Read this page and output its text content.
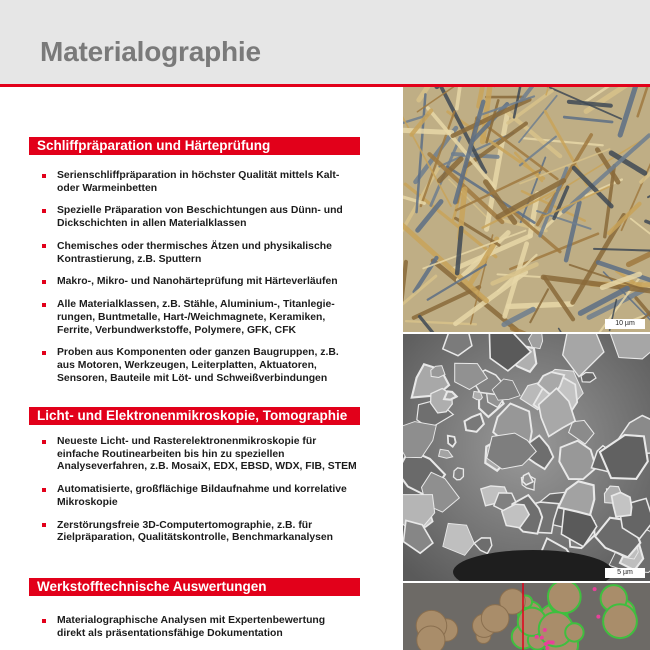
Materialographie
Schliffpräparation und Härteprüfung
Serienschliffpräparation in höchster Qualität mittels Kalt-
oder Warmeinbetten
Spezielle Präparation von Beschichtungen aus Dünn- und
Dickschichten in allen Materialklassen
Chemisches oder thermisches Ätzen und physikalische
Kontrastierung, z.B. Sputtern
Makro-, Mikro- und Nanohärteprüfung mit Härteverläufen
Alle Materialklassen, z.B. Stähle, Aluminium-, Titanlegie-
rungen, Buntmetalle, Hart-/Weichmagnete, Keramiken,
Ferrite, Verbundwerkstoffe, Polymere, GFK, CFK
Proben aus Komponenten oder ganzen Baugruppen, z.B.
aus Motoren, Werkzeugen, Leiterplatten, Aktuatoren,
Sensoren, Bauteile mit Löt- und Schweißverbindungen
Licht- und Elektronenmikroskopie, Tomographie
Neueste Licht- und Rasterelektronenmikroskopie für
einfache Routinearbeiten bis hin zu speziellen
Analyseverfahren, z.B. MosaiX, EDX, EBSD, WDX, FIB, STEM
Automatisierte, großflächige Bildaufnahme und korrelative
Mikroskopie
Zerstörungsfreie 3D-Computertomographie, z.B. für
Zielpräparation, Qualitätskontrolle, Benchmarkanalysen
Werkstofftechnische Auswertungen
Materialographische Analysen mit Expertenbewertung
direkt als präsentationsfähige Dokumentation
10 µm
5 µm
